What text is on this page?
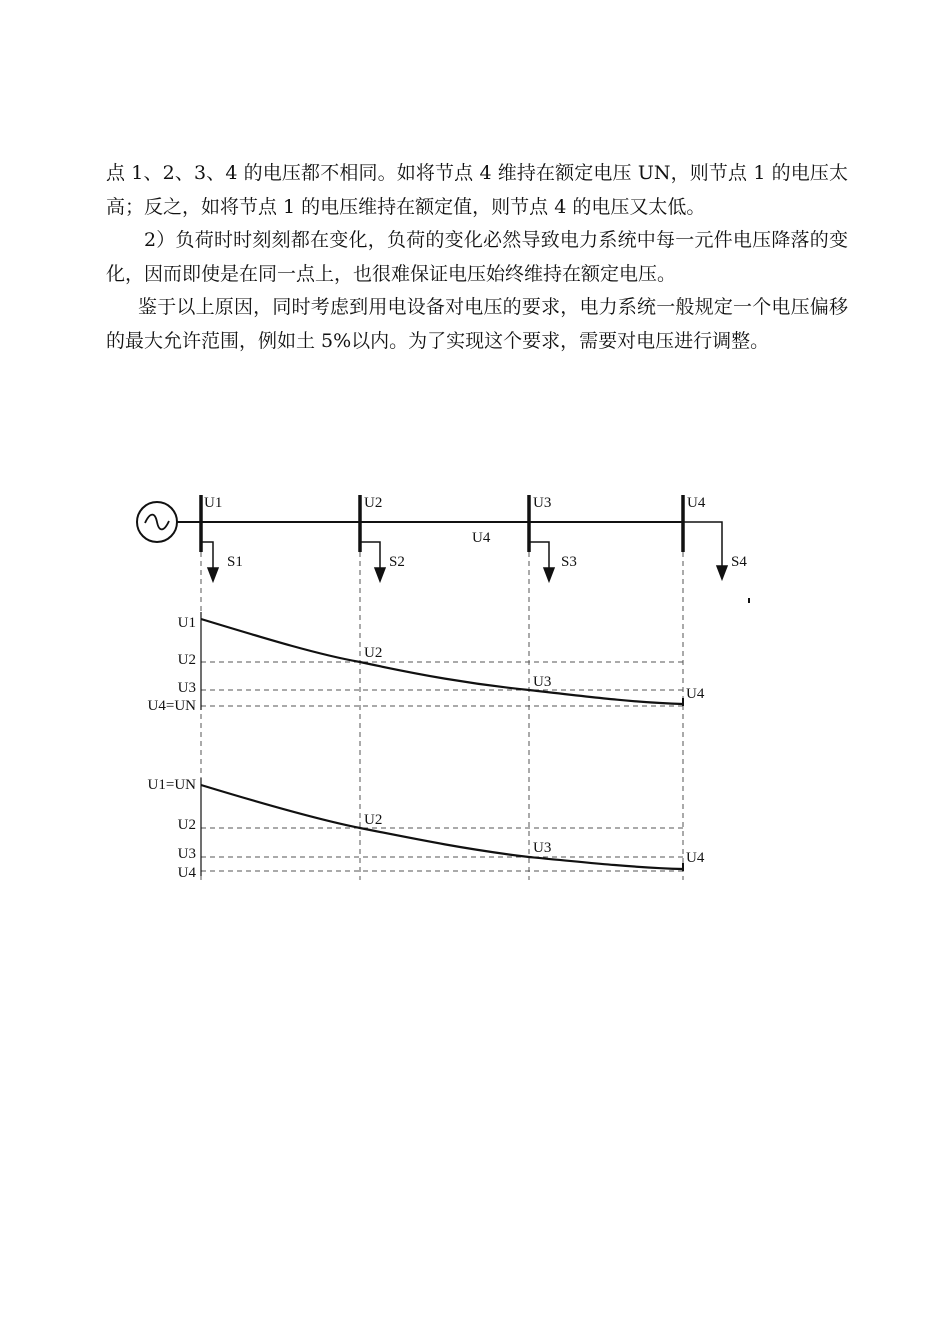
点 1、2、3、4 的电压都不相同。如将节点 4 维持在额定电压 UN，则节点 1 的电压太高；反之，如将节点 1 的电压维持在额定值，则节点 4 的电压又太低。

2）负荷时时刻刻都在变化，负荷的变化必然导致电力系统中每一元件电压降落的变化，因而即使是在同一点上，也很难保证电压始终维持在额定电压。

鉴于以上原因，同时考虑到用电设备对电压的要求，电力系统一般规定一个电压偏移的最大允许范围，例如土 5%以内。为了实现这个要求，需要对电压进行调整。

U1	U2	U3	U4
U4
S1	S2	S3	S4
U1
U2
U3
U4=UN
U2
U3
U4
U1=UN
U2
U3
U4
U2
U3
U4
